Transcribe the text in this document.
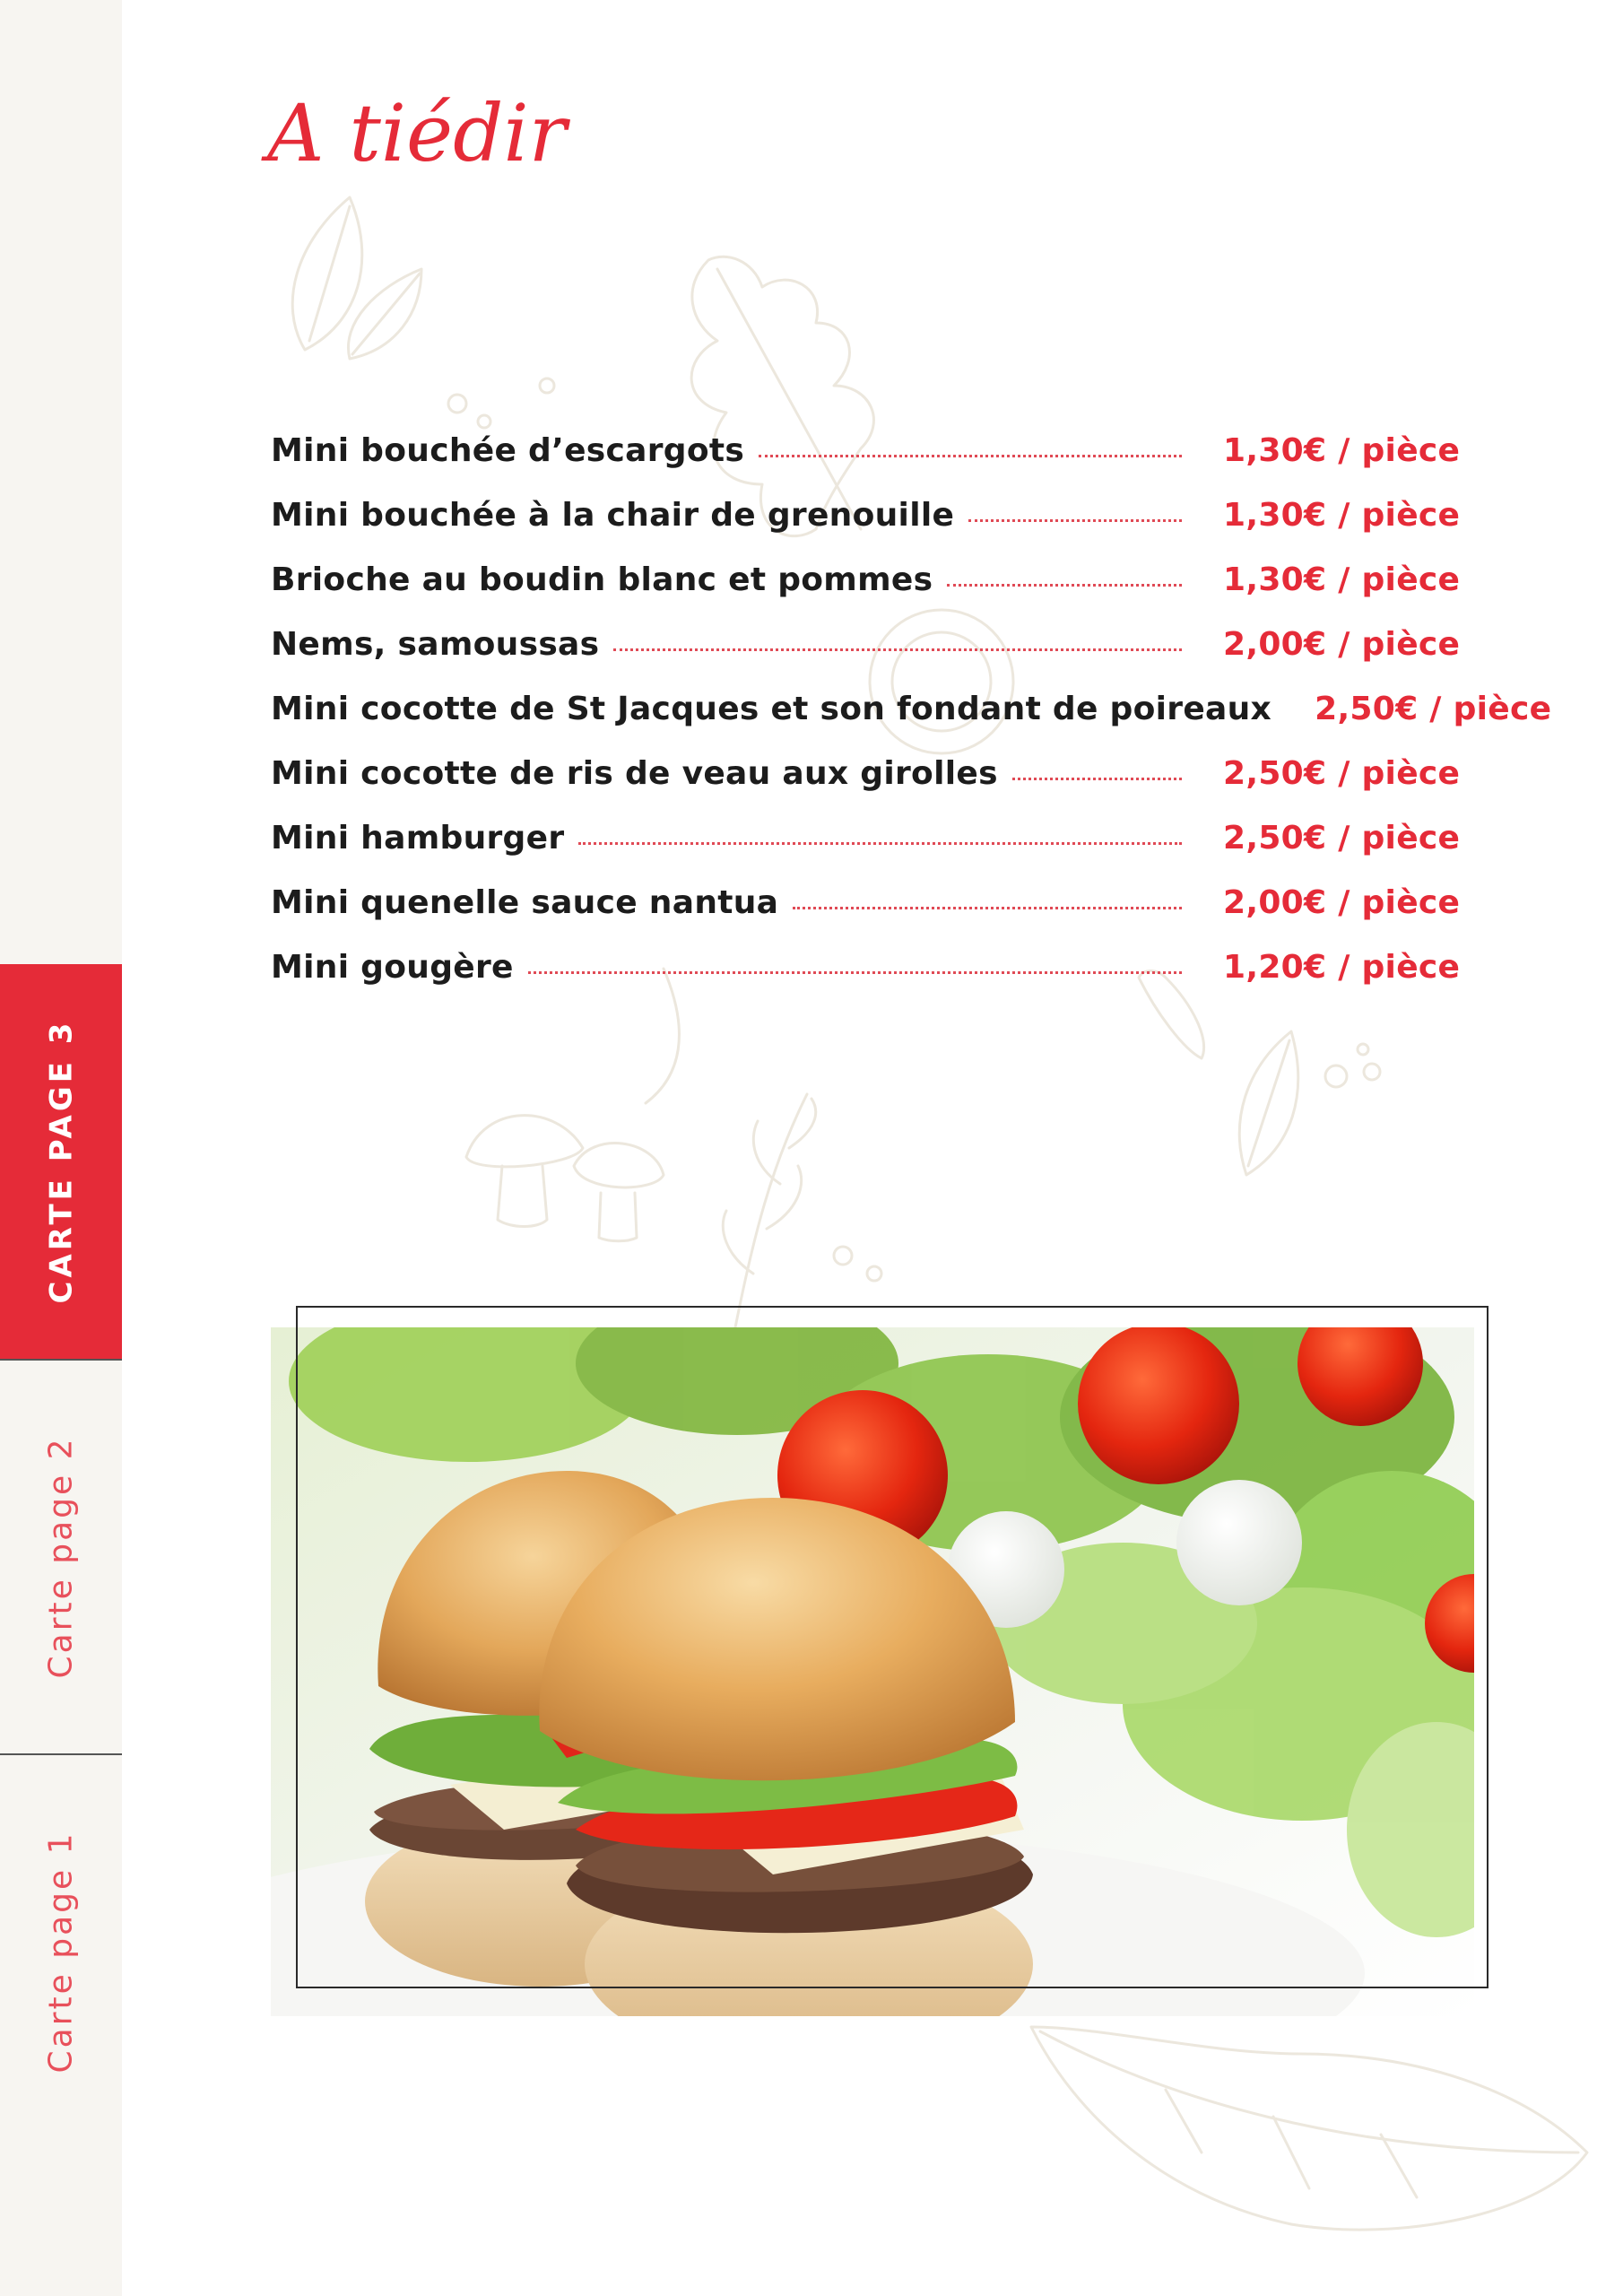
CARTE PAGE 3
Carte page 2
Carte page 1
A tiédir
Mini bouchée d’escargots	1,30€ / pièce
Mini bouchée à la chair de grenouille	1,30€ / pièce
Brioche au boudin blanc et pommes	1,30€ / pièce
Nems, samoussas	2,00€ / pièce
Mini cocotte de St Jacques et son fondant de poireaux 2,50€ / pièce
Mini cocotte de ris de veau aux girolles	2,50€ / pièce
Mini hamburger	2,50€ / pièce
Mini quenelle sauce nantua	2,00€ / pièce
Mini gougère	1,20€ / pièce
